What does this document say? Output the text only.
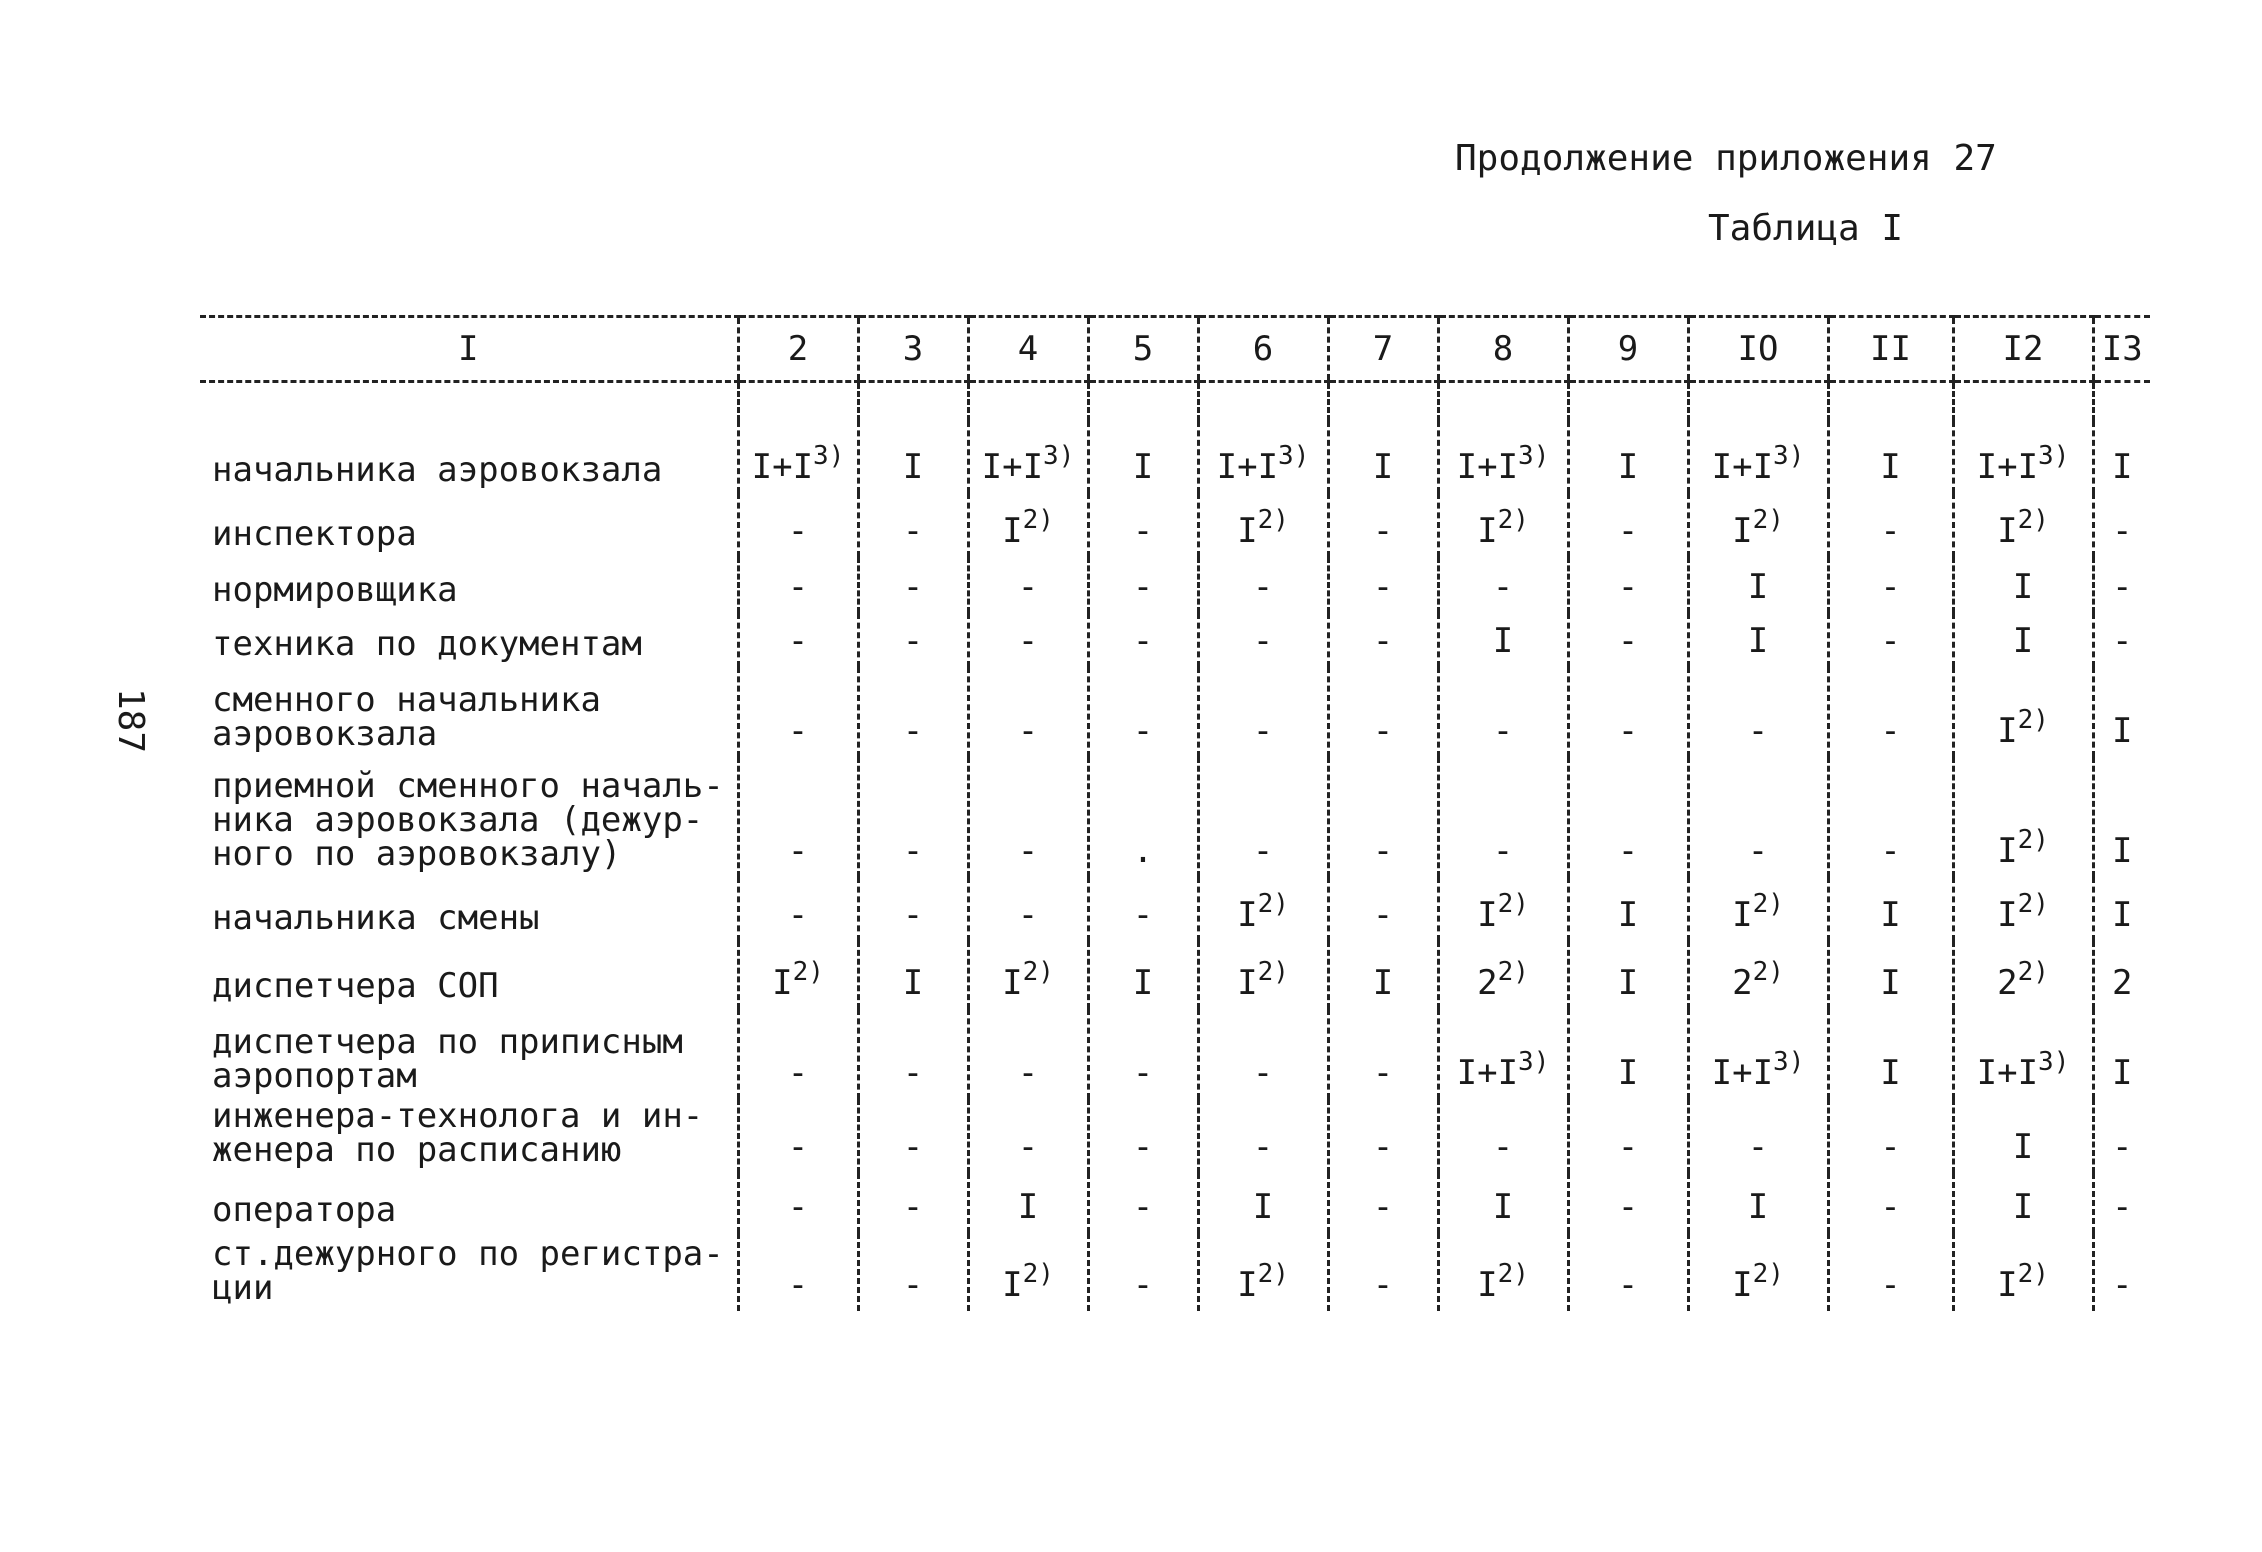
Продолжение приложения 27
Таблица I
187
I	2	3	4	5	6	7	8	9	IO	II	I2	I3

начальника аэровокзала	$I+I^{3)}$	I	$I+I^{3)}$	I	$I+I^{3)}$	I	$I+I^{3)}$	I	$I+I^{3)}$	I	$I+I^{3)}$	I
инспектора	-	-	$I^{2)}$	-	$I^{2)}$	-	$I^{2)}$	-	$I^{2)}$	-	$I^{2)}$	-
нормировщика	-	-	-	-	-	-	-	-	I	-	I	-
техника по документам	-	-	-	-	-	-	I	-	I	-	I	-
сменного начальника
аэровокзала	-	-	-	-	-	-	-	-	-	-	$I^{2)}$	I
приемной сменного началь-
ника аэровокзала (дежур-
ного по аэровокзалу)	-	-	-	.	-	-	-	-	-	-	$I^{2)}$	I
начальника смены	-	-	-	-	$I^{2)}$	-	$I^{2)}$	I	$I^{2)}$	I	$I^{2)}$	I
диспетчера СОП	$I^{2)}$	I	$I^{2)}$	I	$I^{2)}$	I	2$^{2)}$	I	2$^{2)}$	I	2$^{2)}$	2
диспетчера по приписным
аэропортам	-	-	-	-	-	-	$I+I^{3)}$	I	$I+I^{3)}$	I	$I+I^{3)}$	I
инженера-технолога и ин-
женера по расписанию	-	-	-	-	-	-	-	-	-	-	I	-
оператора	-	-	I	-	I	-	I	-	I	-	I	-
ст.дежурного по регистра-
ции	-	-	$I^{2)}$	-	$I^{2)}$	-	$I^{2)}$	-	$I^{2)}$	-	$I^{2)}$	-
